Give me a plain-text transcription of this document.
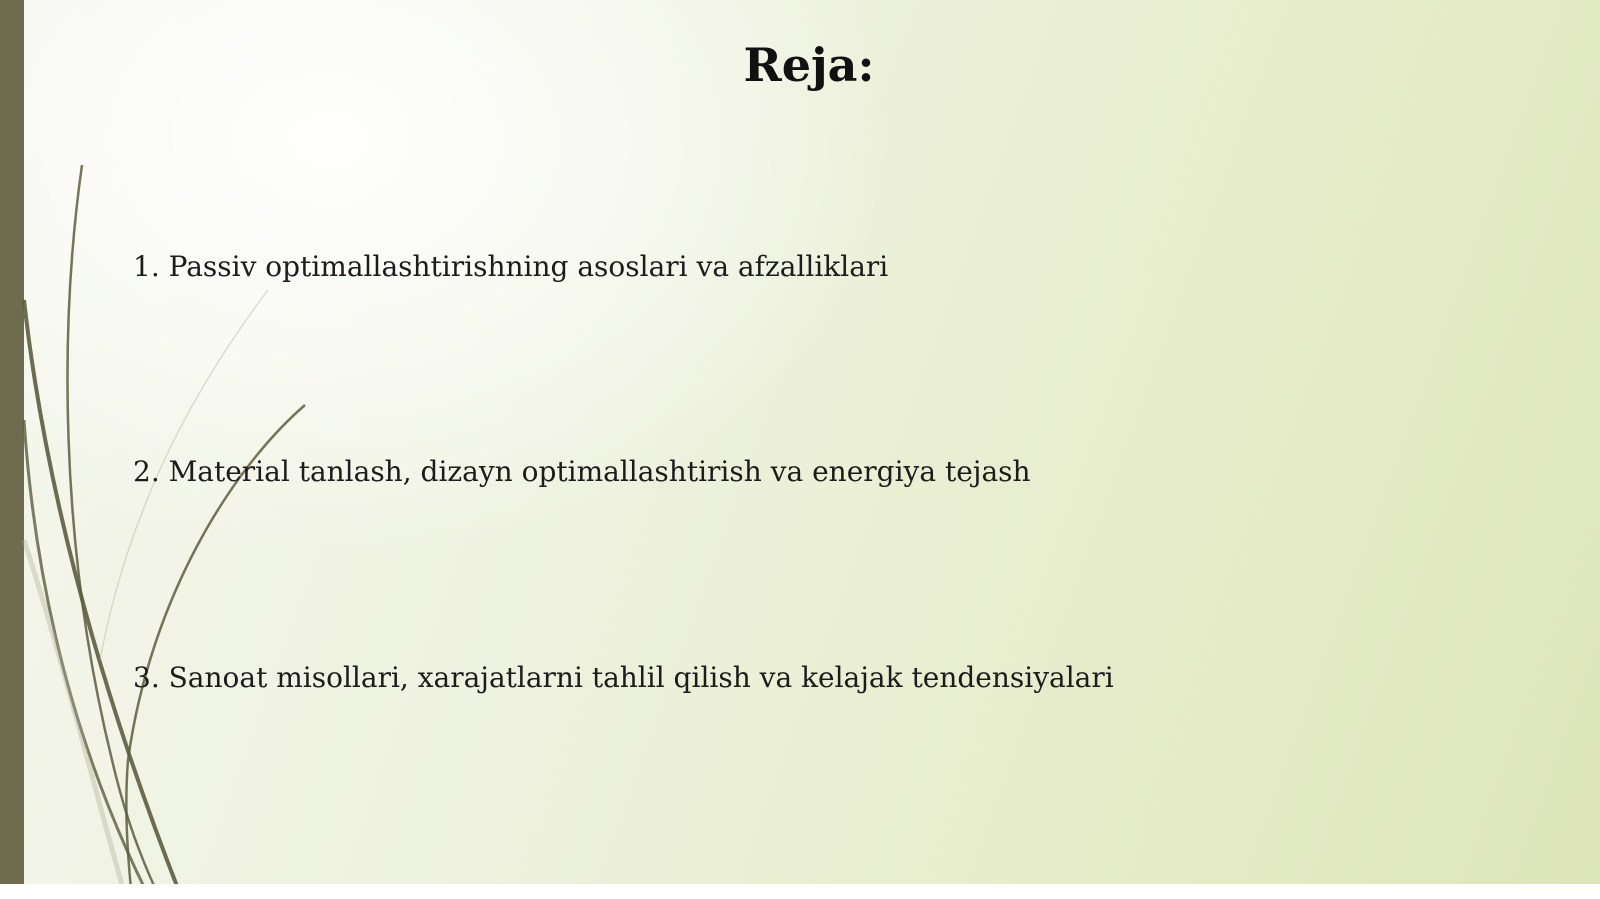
Reja:
1. Passiv optimallashtirishning asoslari va afzalliklari
2. Material tanlash, dizayn optimallashtirish va energiya tejash
3. Sanoat misollari, xarajatlarni tahlil qilish va kelajak tendensiyalari
